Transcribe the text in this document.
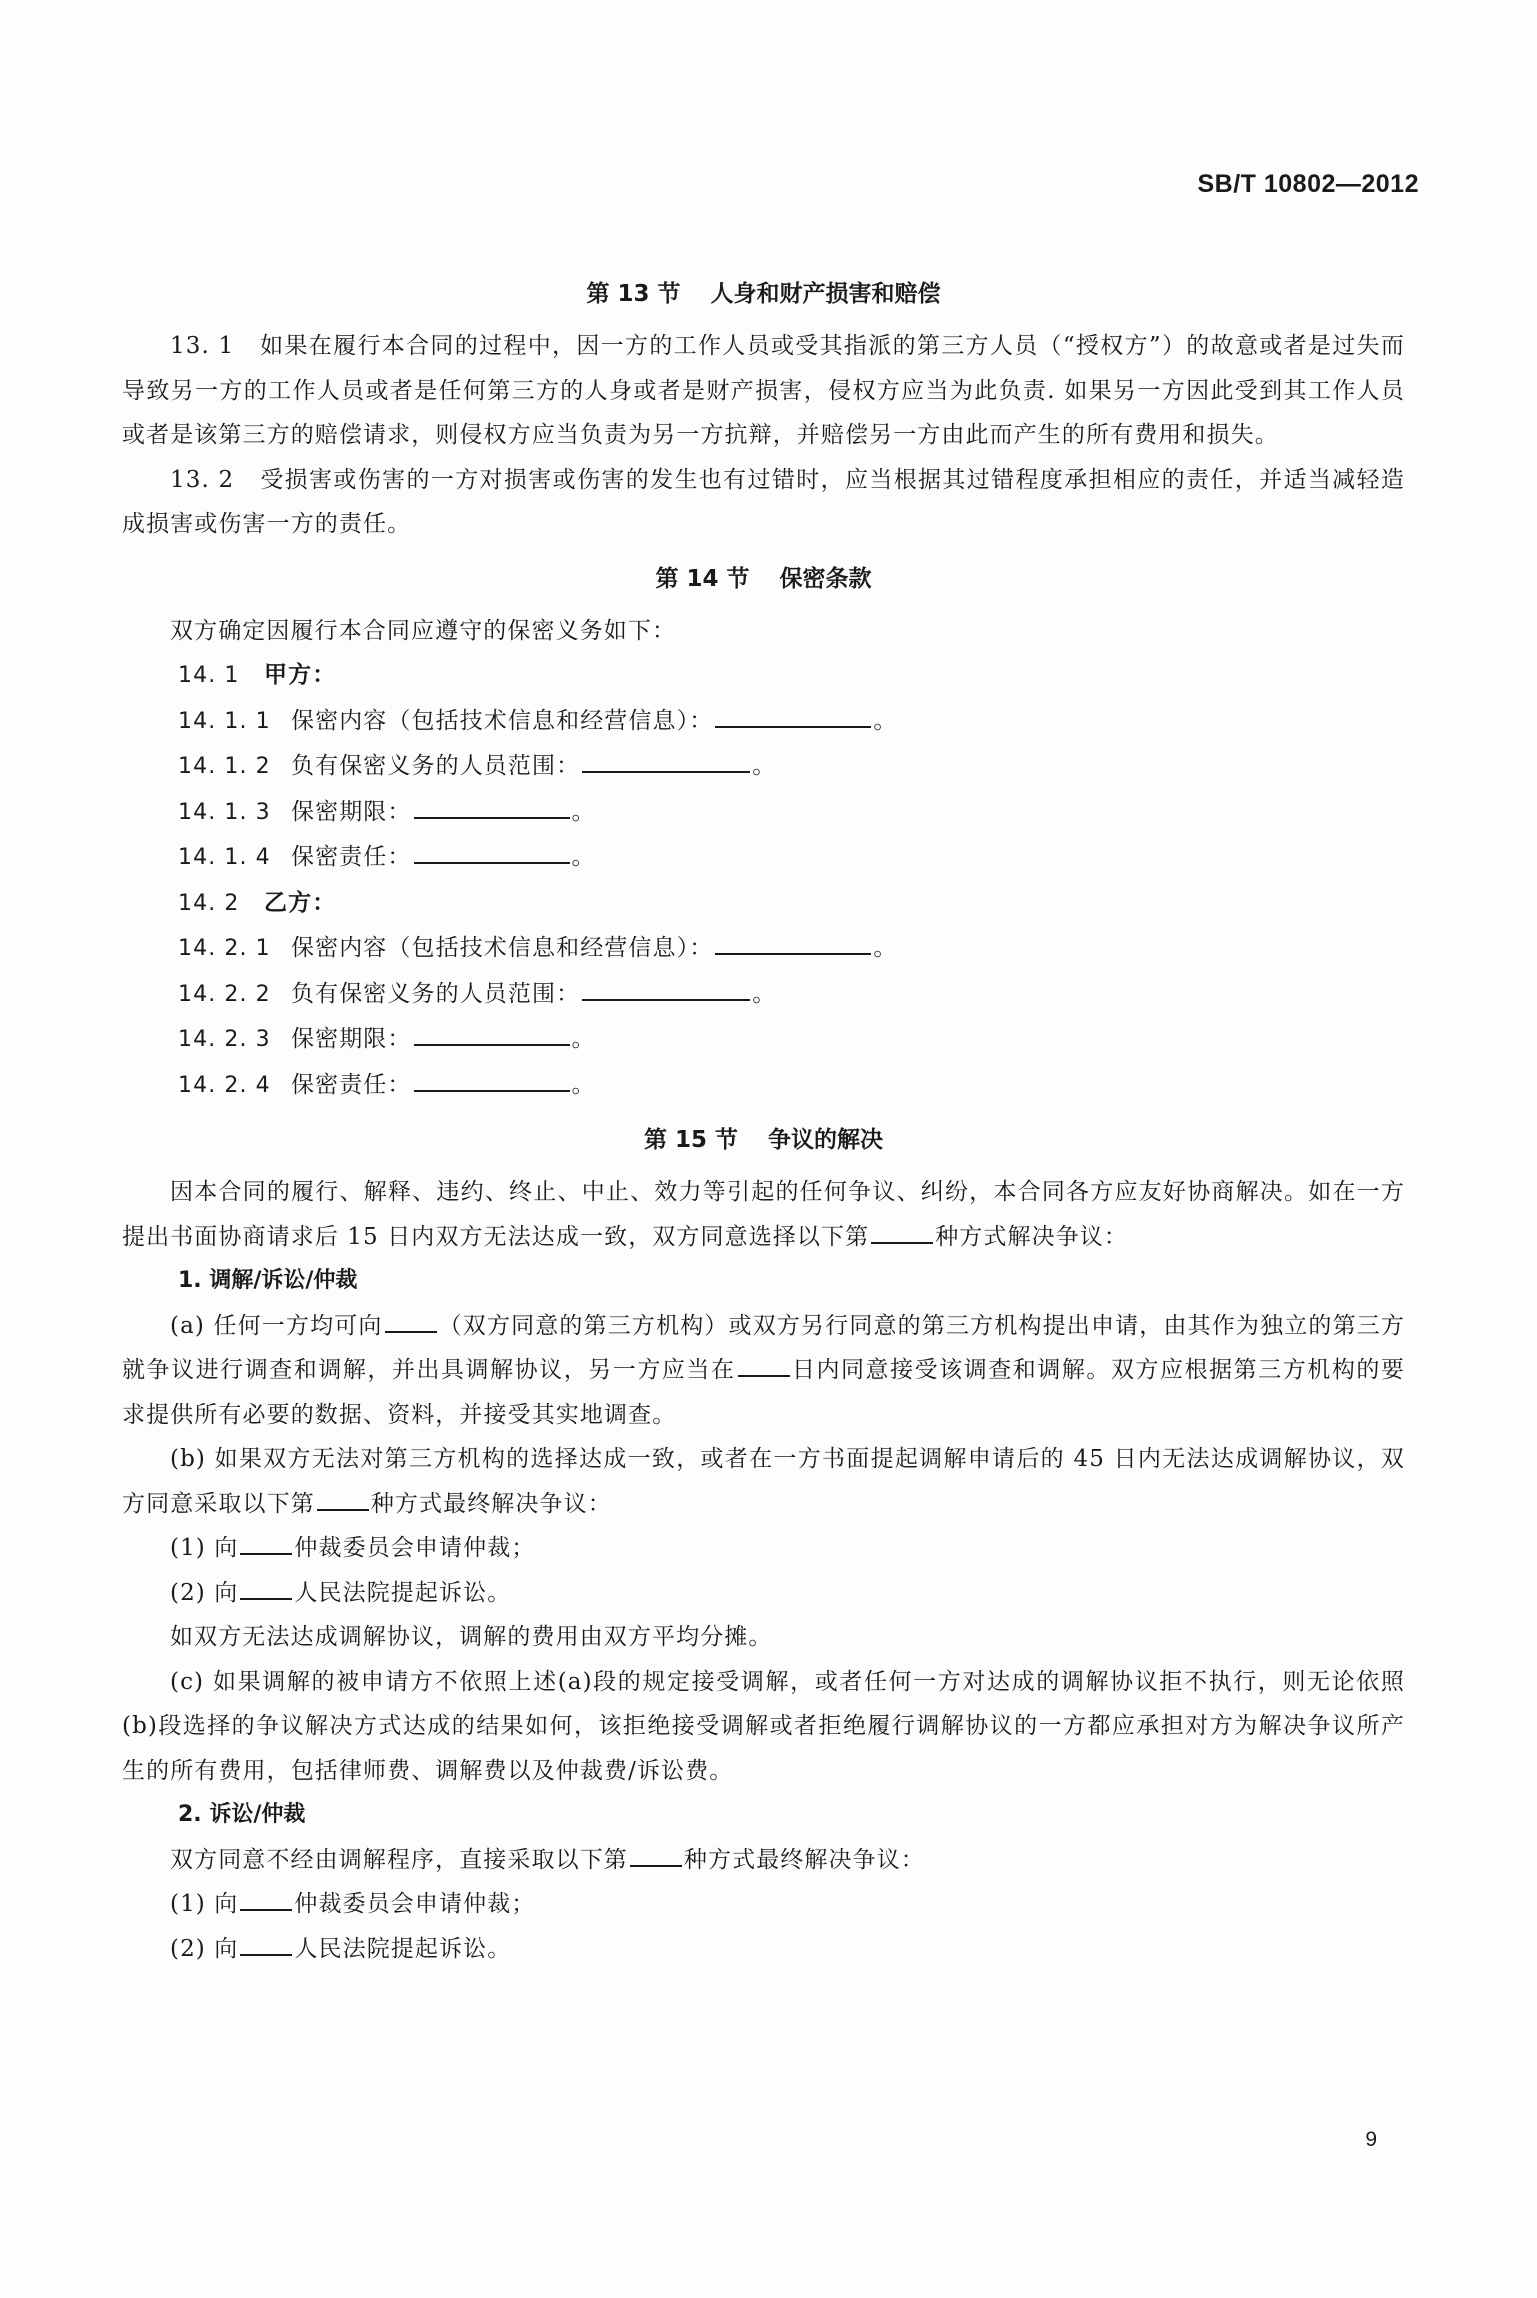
SB/T 10802—2012
第 13 节 人身和财产损害和赔偿

13. 1 如果在履行本合同的过程中，因一方的工作人员或受其指派的第三方人员（“授权方”）的故意或者是过失而导致另一方的工作人员或者是任何第三方的人身或者是财产损害，侵权方应当为此负责. 如果另一方因此受到其工作人员或者是该第三方的赔偿请求，则侵权方应当负责为另一方抗辩，并赔偿另一方由此而产生的所有费用和损失。

13. 2 受损害或伤害的一方对损害或伤害的发生也有过错时，应当根据其过错程度承担相应的责任，并适当减轻造成损害或伤害一方的责任。

第 14 节 保密条款

双方确定因履行本合同应遵守的保密义务如下：

14. 1 甲方：

14. 1. 1 保密内容（包括技术信息和经营信息）：	。

14. 1. 2 负有保密义务的人员范围：	。

14. 1. 3 保密期限：	。

14. 1. 4 保密责任：	。

14. 2 乙方：

14. 2. 1 保密内容（包括技术信息和经营信息）：	。

14. 2. 2 负有保密义务的人员范围：	。

14. 2. 3 保密期限：	。

14. 2. 4 保密责任：	。

第 15 节 争议的解决

因本合同的履行、解释、违约、终止、中止、效力等引起的任何争议、纠纷，本合同各方应友好协商解决。如在一方提出书面协商请求后 15 日内双方无法达成一致，双方同意选择以下第	种方式解决争议：

1. 调解/诉讼/仲裁

(a) 任何一方均可向 （双方同意的第三方机构）或双方另行同意的第三方机构提出申请，由其作为独立的第三方就争议进行调查和调解，并出具调解协议，另一方应当在 日内同意接受该调查和调解。双方应根据第三方机构的要求提供所有必要的数据、资料，并接受其实地调查。

(b) 如果双方无法对第三方机构的选择达成一致，或者在一方书面提起调解申请后的 45 日内无法达成调解协议，双方同意采取以下第 种方式最终解决争议：

(1) 向 仲裁委员会申请仲裁；

(2) 向 人民法院提起诉讼。

如双方无法达成调解协议，调解的费用由双方平均分摊。

(c) 如果调解的被申请方不依照上述(a)段的规定接受调解，或者任何一方对达成的调解协议拒不执行，则无论依照(b)段选择的争议解决方式达成的结果如何，该拒绝接受调解或者拒绝履行调解协议的一方都应承担对方为解决争议所产生的所有费用，包括律师费、调解费以及仲裁费/诉讼费。

2. 诉讼/仲裁

双方同意不经由调解程序，直接采取以下第 种方式最终解决争议：

(1) 向 仲裁委员会申请仲裁；

(2) 向 人民法院提起诉讼。

9
